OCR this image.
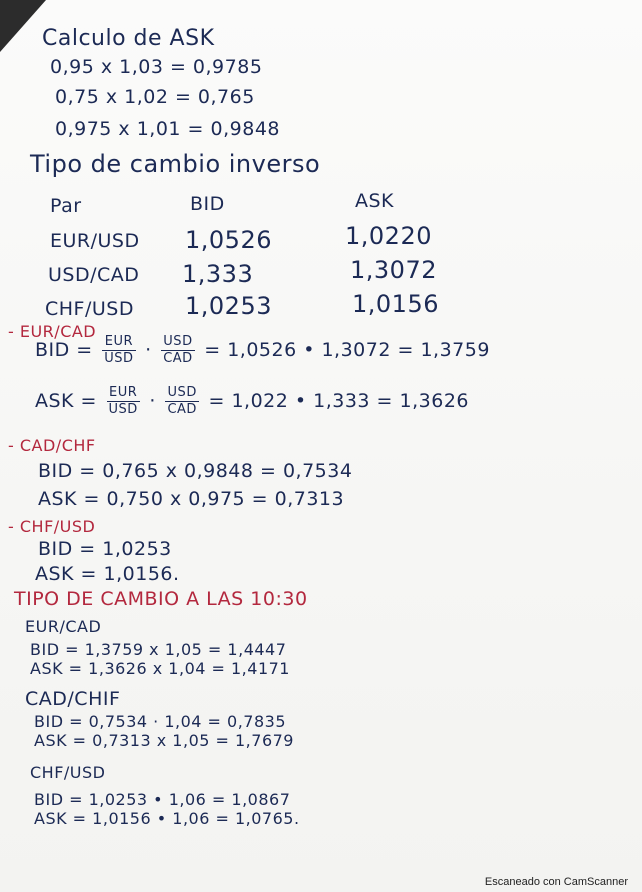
Calculo de ASK
0,95 x 1,03 = 0,9785
0,75 x 1,02 = 0,765
0,975 x 1,01 = 0,9848
Tipo de cambio inverso
Par	BID	ASK
EUR/USD 1,0526	1,0220
USD/CAD 1,333	1,3072
CHF/USD 1,0253	1,0156
- EUR/CAD
BID = $\frac{\text{EUR}}{\text{USD}} \cdot \frac{\text{USD}}{\text{CAD}} = 1,0526$ • 1,3072 = 1,3759
ASK = $\frac{\text{EUR}}{\text{USD}} \cdot \frac{\text{USD}}{\text{CAD}} = 1,022$ • 1,333 = 1,3626
- CAD/CHF
BID = 0,765 x 0,9848 = 0,7534
ASK = 0,750 x 0,975 = 0,7313
- CHF/USD
BID = 1,0253
ASK = 1,0156.
TIPO DE CAMBIO A LAS 10:30
EUR/CAD
BID = 1,3759 x 1,05 = 1,4447
ASK = 1,3626 x 1,04 = 1,4171
CAD/CHIF
BID = 0,7534 · 1,04 = 0,7835
ASK = 0,7313 x 1,05 = 1,7679
CHF/USD
BID = 1,0253 • 1,06 = 1,0867
ASK = 1,0156 • 1,06 = 1,0765.
Escaneado con CamScanner
